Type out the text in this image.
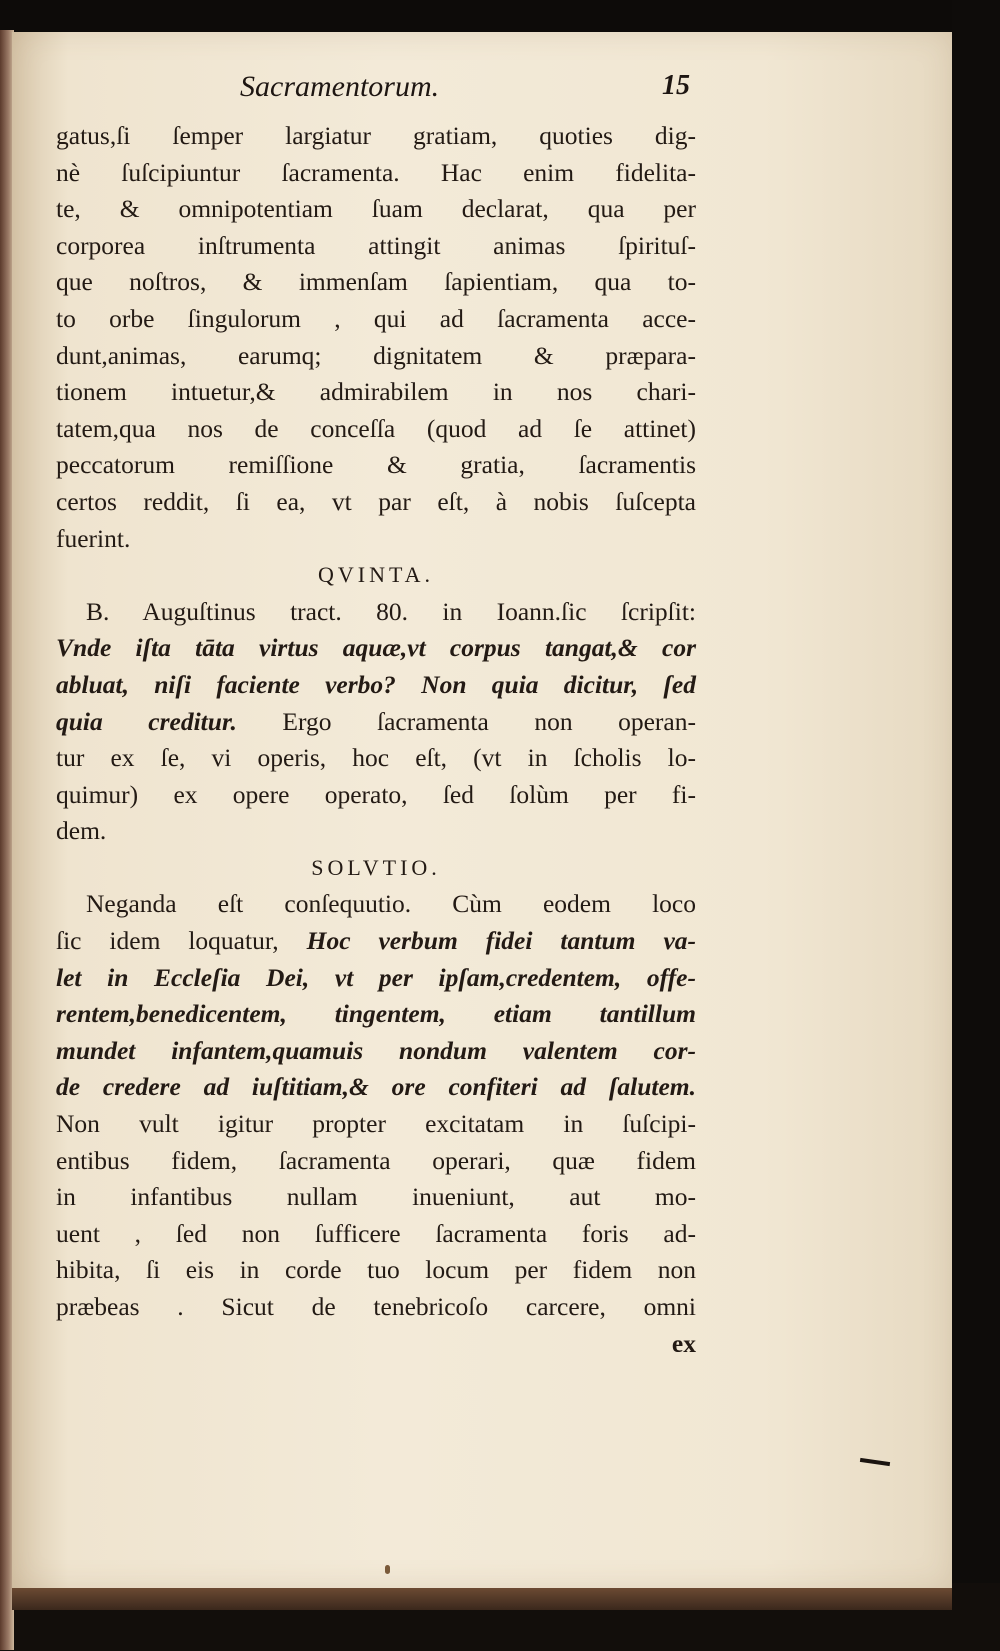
Sacramentorum.	15
gatus,ſi ſemper largiatur gratiam, quoties dig-
nè ſuſcipiuntur ſacramenta. Hac enim fidelita-
te, & omnipotentiam ſuam declarat, qua per
corporea inſtrumenta attingit animas ſpirituſ-
que noſtros, & immenſam ſapientiam, qua to-
to orbe ſingulorum , qui ad ſacramenta acce-
dunt,animas, earumq; dignitatem & præpara-
tionem intuetur,& admirabilem in nos chari-
tatem,qua nos de conceſſa (quod ad ſe attinet)
peccatorum remiſſione & gratia, ſacramentis
certos reddit, ſi ea, vt par eſt, à nobis ſuſcepta
fuerint.
QVINTA.
B. Auguſtinus tract. 80. in Ioann.ſic ſcripſit:
Vnde iſta tāta virtus aquæ,vt corpus tangat,& cor
abluat, niſi faciente verbo? Non quia dicitur, ſed
quia creditur. Ergo ſacramenta non operan-
tur ex ſe, vi operis, hoc eſt, (vt in ſcholis lo-
quimur) ex opere operato, ſed ſolùm per fi-
dem.
SOLVTIO.
Neganda eſt conſequutio. Cùm eodem loco
ſic idem loquatur, Hoc verbum fidei tantum va-
let in Eccleſia Dei, vt per ipſam,credentem, offe-
rentem,benedicentem, tingentem, etiam tantillum
mundet infantem,quamuis nondum valentem cor-
de credere ad iuſtitiam,& ore confiteri ad ſalutem.
Non vult igitur propter excitatam in ſuſcipi-
entibus fidem, ſacramenta operari, quæ fidem
in infantibus nullam inueniunt, aut mo-
uent , ſed non ſufficere ſacramenta foris ad-
hibita, ſi eis in corde tuo locum per fidem non
præbeas . Sicut de tenebricoſo carcere, omni
ex
